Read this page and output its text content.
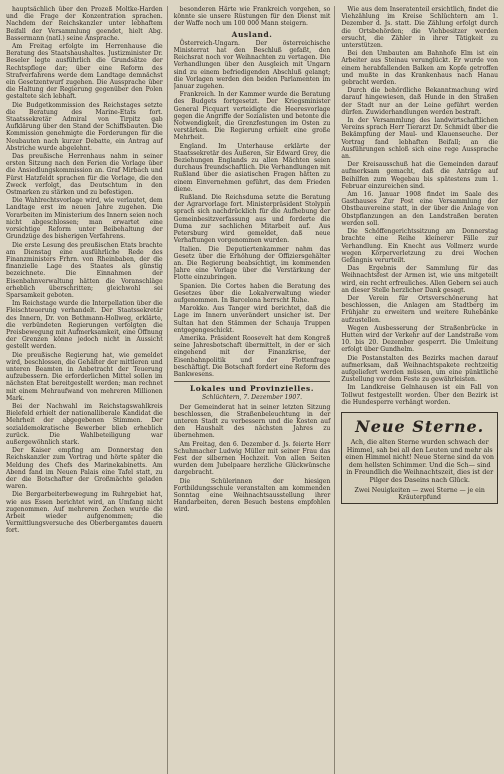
hauptsächlich über den Prozeß Moltke-Harden und die Frage der Konzentration sprachen. Nachdem der Reichskanzler unter lebhaftem Beifall der Versammlung geendet, hielt Abg. Bassermann (natl.) seine Ansprache.

Am Freitag erfolgte im Herrenhause die Beratung des Staatshaushaltes. Justizminister Dr. Beseler legte ausführlich die Grundsätze der Rechtspflege dar; über eine Reform des Strafverfahrens werde dem Landtage demnächst ein Gesetzentwurf zugehen. Die Aussprache über die Haltung der Regierung gegenüber den Polen gestaltete sich lebhaft.

Die Budgetkommission des Reichstages setzte die Beratung des Marine-Etats fort. Staatssekretär Admiral von Tirpitz gab Aufklärung über den Stand der Schiffsbauten. Die Kommission genehmigte die Forderungen für die Neubauten nach kurzer Debatte, ein Antrag auf Abstriche wurde abgelehnt.

Das preußische Herrenhaus nahm in seiner ersten Sitzung nach den Ferien die Vorlage über die Ansiedlungskommission an. Graf Mirbach und Fürst Hatzfeldt sprachen für die Vorlage, die den Zweck verfolgt, das Deutschtum in den Ostmarken zu stärken und zu befestigen.

Die Wahlrechtsvorlage wird, wie verlautet, dem Landtage erst im neuen Jahre zugehen. Die Vorarbeiten im Ministerium des Innern seien noch nicht abgeschlossen; man erwartet eine vorsichtige Reform unter Beibehaltung der Grundzüge des bisherigen Verfahrens.

Die erste Lesung des preußischen Etats brachte am Dienstag eine ausführliche Rede des Finanzministers Frhrn. von Rheinbaben, der die finanzielle Lage des Staates als günstig bezeichnete. Die Einnahmen der Eisenbahnverwaltung hätten die Voranschläge erheblich überschritten; gleichwohl sei Sparsamkeit geboten.

Im Reichstage wurde die Interpellation über die Fleischteuerung verhandelt. Der Staatssekretär des Innern, Dr. von Bethmann-Hollweg, erklärte, die verbündeten Regierungen verfolgten die Preisbewegung mit Aufmerksamkeit, eine Öffnung der Grenzen könne jedoch nicht in Aussicht gestellt werden.

Die preußische Regierung hat, wie gemeldet wird, beschlossen, die Gehälter der mittleren und unteren Beamten in Anbetracht der Teuerung aufzubessern. Die erforderlichen Mittel sollen im nächsten Etat bereitgestellt werden; man rechnet mit einem Mehraufwand von mehreren Millionen Mark.

Bei der Nachwahl im Reichstagswahlkreis Bielefeld erhielt der nationalliberale Kandidat die Mehrheit der abgegebenen Stimmen. Der sozialdemokratische Bewerber blieb erheblich zurück. Die Wahlbeteiligung war außergewöhnlich stark.

Der Kaiser empfing am Donnerstag den Reichskanzler zum Vortrag und hörte später die Meldung des Chefs des Marinekabinetts. Am Abend fand im Neuen Palais eine Tafel statt, zu der die Botschafter der Großmächte geladen waren.

Die Bergarbeiterbewegung im Ruhrgebiet hat, wie aus Essen berichtet wird, an Umfang nicht zugenommen. Auf mehreren Zechen wurde die Arbeit wieder aufgenommen; die Vermittlungsversuche des Oberbergamtes dauern fort.

besonderen Härte wie Frankreich vorgehen, so könnte sie unsere Rüstungen für den Dienst mit der Waffe noch um 100 000 Mann steigern.

Ausland.

Österreich-Ungarn. Der österreichische Ministerrat hat den Beschluß gefaßt, den Reichsrat noch vor Weihnachten zu vertagen. Die Verhandlungen über den Ausgleich mit Ungarn sind zu einem befriedigenden Abschluß gelangt; die Vorlagen werden den beiden Parlamenten im Januar zugehen.

Frankreich. In der Kammer wurde die Beratung des Budgets fortgesetzt. Der Kriegsminister General Picquart verteidigte die Heeresvorlage gegen die Angriffe der Sozialisten und betonte die Notwendigkeit, die Grenzfestungen im Osten zu verstärken. Die Regierung erhielt eine große Mehrheit.

England. Im Unterhause erklärte der Staatssekretär des Äußeren, Sir Edward Grey, die Beziehungen Englands zu allen Mächten seien durchaus freundschaftlich. Die Verhandlungen mit Rußland über die asiatischen Fragen hätten zu einem Einvernehmen geführt, das dem Frieden diene.

Rußland. Die Reichsduma setzte die Beratung der Agrarvorlage fort. Ministerpräsident Stolypin sprach sich nachdrücklich für die Aufhebung der Gemeinbesitzverfassung aus und forderte die Duma zur sachlichen Mitarbeit auf. Aus Petersburg wird gemeldet, daß neue Verhaftungen vorgenommen wurden.

Italien. Die Deputiertenkammer nahm das Gesetz über die Erhöhung der Offiziersgehälter an. Die Regierung beabsichtigt, im kommenden Jahre eine Vorlage über die Verstärkung der Flotte einzubringen.

Spanien. Die Cortes haben die Beratung des Gesetzes über die Lokalverwaltung wieder aufgenommen. In Barcelona herrscht Ruhe.

Marokko. Aus Tanger wird berichtet, daß die Lage im Innern unverändert unsicher ist. Der Sultan hat den Stämmen der Schauja Truppen entgegengeschickt.

Amerika. Präsident Roosevelt hat dem Kongreß seine Jahresbotschaft übermittelt, in der er sich eingehend mit der Finanzkrise, der Eisenbahnpolitik und der Flottenfrage beschäftigt. Die Botschaft fordert eine Reform des Bankwesens.

Lokales und Provinzielles.
Schlüchtern, 7. Dezember 1907.

Der Gemeinderat hat in seiner letzten Sitzung beschlossen, die Straßenbeleuchtung in der unteren Stadt zu verbessern und die Kosten auf den Haushalt des nächsten Jahres zu übernehmen.

Am Freitag, den 6. Dezember d. Js. feierte Herr Schuhmacher Ludwig Müller mit seiner Frau das Fest der silbernen Hochzeit. Von allen Seiten wurden dem Jubelpaare herzliche Glückwünsche dargebracht.

Die Schülerinnen der hiesigen Fortbildungsschule veranstalten am kommenden Sonntag eine Weihnachtsausstellung ihrer Handarbeiten, deren Besuch bestens empfohlen wird.

Wie aus dem Inseratenteil ersichtlich, findet die Viehzählung im Kreise Schlüchtern am 1. Dezember d. Js. statt. Die Zählung erfolgt durch die Ortsbehörden; die Viehbesitzer werden ersucht, die Zähler in ihrer Tätigkeit zu unterstützen.

Bei den Umbauten am Bahnhofe Elm ist ein Arbeiter aus Steinau verunglückt. Er wurde von einem herabfallenden Balken am Kopfe getroffen und mußte in das Krankenhaus nach Hanau gebracht werden.

Durch die behördliche Bekanntmachung wird darauf hingewiesen, daß Hunde in den Straßen der Stadt nur an der Leine geführt werden dürfen. Zuwiderhandlungen werden bestraft.

In der Versammlung des landwirtschaftlichen Vereins sprach Herr Tierarzt Dr. Schmidt über die Bekämpfung der Maul- und Klauenseuche. Der Vortrag fand lebhaften Beifall; an die Ausführungen schloß sich eine rege Aussprache an.

Der Kreisausschuß hat die Gemeinden darauf aufmerksam gemacht, daß die Anträge auf Beihilfen zum Wegebau bis spätestens zum 1. Februar einzureichen sind.

Am 16. Januar 1908 findet im Saale des Gasthauses Zur Post eine Versammlung der Obstbauvereine statt, in der über die Anlage von Obstpflanzungen an den Landstraßen beraten werden soll.

Die Schöffengerichtssitzung am Donnerstag brachte eine Reihe kleinerer Fälle zur Verhandlung. Ein Knecht aus Vollmerz wurde wegen Körperverletzung zu drei Wochen Gefängnis verurteilt.

Das Ergebnis der Sammlung für das Weihnachtsfest der Armen ist, wie uns mitgeteilt wird, ein recht erfreuliches. Allen Gebern sei auch an dieser Stelle herzlicher Dank gesagt.

Der Verein für Ortsverschönerung hat beschlossen, die Anlagen am Stadtberg im Frühjahr zu erweitern und weitere Ruhebänke aufzustellen.

Wegen Ausbesserung der Straßenbrücke in Hutten wird der Verkehr auf der Landstraße vom 10. bis 20. Dezember gesperrt. Die Umleitung erfolgt über Gundhelm.

Die Postanstalten des Bezirks machen darauf aufmerksam, daß Weihnachtspakete rechtzeitig aufgeliefert werden müssen, um eine pünktliche Zustellung vor dem Feste zu gewährleisten.

Im Landkreise Gelnhausen ist ein Fall von Tollwut festgestellt worden. Über den Bezirk ist die Hundesperre verhängt worden.

Neue Sterne.
Ach, die alten Sterne wurden schwach der Himmel, sah bei all den Leuten und mehr als einen Himmel nicht! Neue Sterne sind da von dem hellsten Schimmer. Und die Sch— sind in Freundlich die Weihnachtszeit, dies ist der Pilger des Daseins nach Glück.
Zwei Neuigkeiten — zwei Sterne — je ein Kräuterpfund
